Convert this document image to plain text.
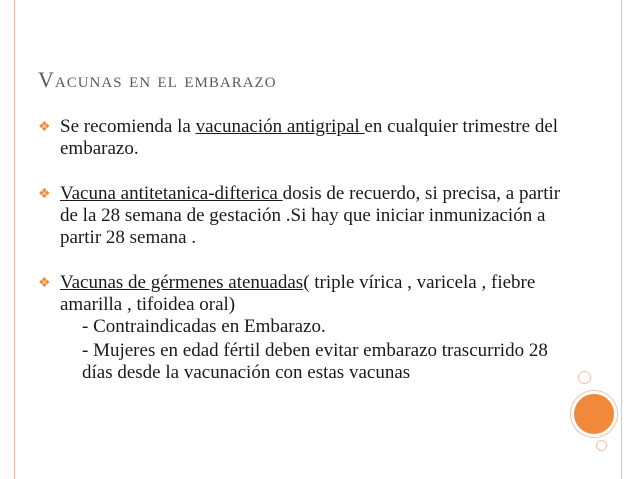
Vacunas en el embarazo
❖ Se recomienda la vacunación antigripal en cualquier trimestre del embarazo.
❖ Vacuna antitetanica-difterica dosis de recuerdo, si precisa, a partir de la 28 semana de gestación .Si hay que iniciar inmunización a partir 28 semana .
❖ Vacunas de gérmenes atenuadas( triple vírica , varicela , fiebre amarilla , tifoidea oral)
- Contraindicadas en Embarazo.
- Mujeres en edad fértil deben evitar embarazo trascurrido 28 días desde la vacunación con estas vacunas
